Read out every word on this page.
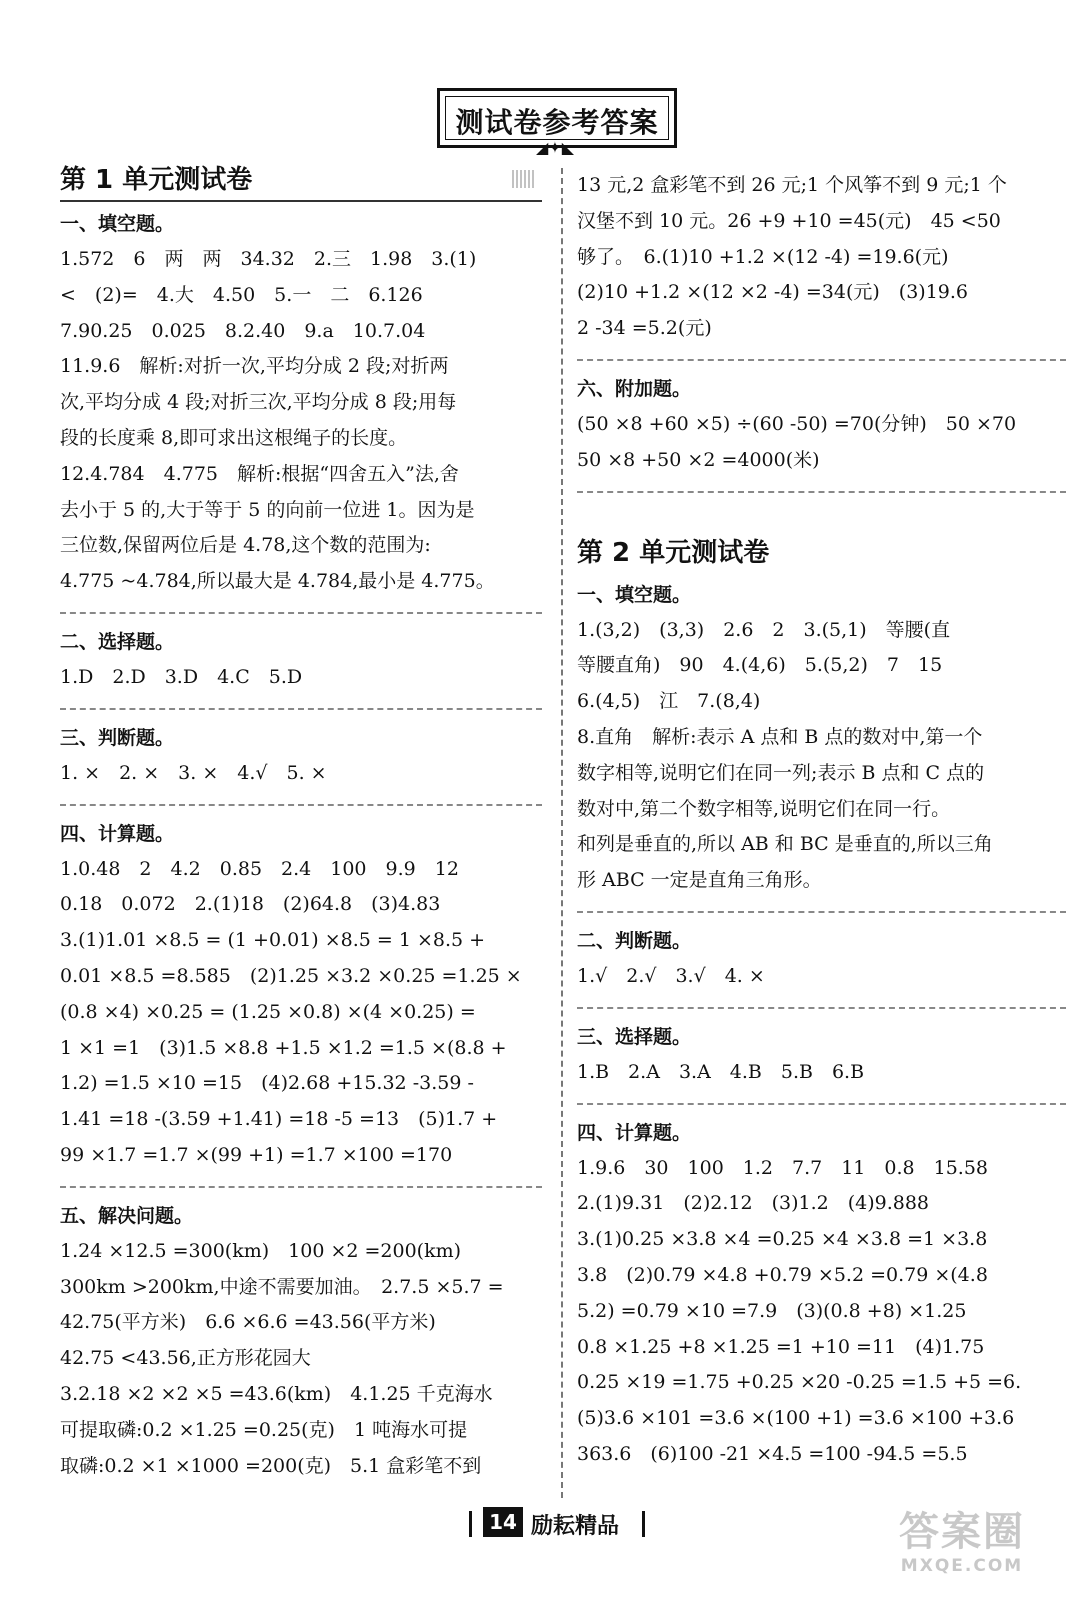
测试卷参考答案
◢✦◣
第 1 单元测试卷
一、填空题。
1.572　6　两　两　34.32　2.三　1.98　3.(1)
<　(2)=　4.大　4.50　5.一　二　6.126
7.90.25　0.025　8.2.40　9.a　10.7.04
11.9.6　解析:对折一次,平均分成 2 段;对折两
次,平均分成 4 段;对折三次,平均分成 8 段;用每
段的长度乘 8,即可求出这根绳子的长度。
12.4.784　4.775　解析:根据“四舍五入”法,舍
去小于 5 的,大于等于 5 的向前一位进 1。因为是
三位数,保留两位后是 4.78,这个数的范围为:
4.775 ~4.784,所以最大是 4.784,最小是 4.775。
二、选择题。
1.D　2.D　3.D　4.C　5.D
三、判断题。
1. ×　2. ×　3. ×　4.√　5. ×
四、计算题。
1.0.48　2　4.2　0.85　2.4　100　9.9　12
0.18　0.072　2.(1)18　(2)64.8　(3)4.83
3.(1)1.01 ×8.5 = (1 +0.01) ×8.5 = 1 ×8.5 +
0.01 ×8.5 =8.585　(2)1.25 ×3.2 ×0.25 =1.25 ×
(0.8 ×4) ×0.25 = (1.25 ×0.8) ×(4 ×0.25) =
1 ×1 =1　(3)1.5 ×8.8 +1.5 ×1.2 =1.5 ×(8.8 +
1.2) =1.5 ×10 =15　(4)2.68 +15.32 -3.59 -
1.41 =18 -(3.59 +1.41) =18 -5 =13　(5)1.7 +
99 ×1.7 =1.7 ×(99 +1) =1.7 ×100 =170
五、解决问题。
1.24 ×12.5 =300(km)　100 ×2 =200(km)
300km >200km,中途不需要加油。　2.7.5 ×5.7 =
42.75(平方米)　6.6 ×6.6 =43.56(平方米)
42.75 <43.56,正方形花园大
3.2.18 ×2 ×2 ×5 =43.6(km)　4.1.25 千克海水
可提取磷:0.2 ×1.25 =0.25(克)　1 吨海水可提
取磷:0.2 ×1 ×1000 =200(克)　5.1 盒彩笔不到
13 元,2 盒彩笔不到 26 元;1 个风筝不到 9 元;1 个
汉堡不到 10 元。26 +9 +10 =45(元)　45 <50
够了。　6.(1)10 +1.2 ×(12 -4) =19.6(元)
(2)10 +1.2 ×(12 ×2 -4) =34(元)　(3)19.6
2 -34 =5.2(元)
六、附加题。
(50 ×8 +60 ×5) ÷(60 -50) =70(分钟)　50 ×70
50 ×8 +50 ×2 =4000(米)
第 2 单元测试卷
一、填空题。
1.(3,2)　(3,3)　2.6　2　3.(5,1)　等腰(直
等腰直角)　90　4.(4,6)　5.(5,2)　7　15
6.(4,5)　江　7.(8,4)
8.直角　解析:表示 A 点和 B 点的数对中,第一个
数字相等,说明它们在同一列;表示 B 点和 C 点的
数对中,第二个数字相等,说明它们在同一行。
和列是垂直的,所以 AB 和 BC 是垂直的,所以三角
形 ABC 一定是直角三角形。
二、判断题。
1.√　2.√　3.√　4. ×
三、选择题。
1.B　2.A　3.A　4.B　5.B　6.B
四、计算题。
1.9.6　30　100　1.2　7.7　11　0.8　15.58
2.(1)9.31　(2)2.12　(3)1.2　(4)9.888
3.(1)0.25 ×3.8 ×4 =0.25 ×4 ×3.8 =1 ×3.8
3.8　(2)0.79 ×4.8 +0.79 ×5.2 =0.79 ×(4.8
5.2) =0.79 ×10 =7.9　(3)(0.8 +8) ×1.25
0.8 ×1.25 +8 ×1.25 =1 +10 =11　(4)1.75
0.25 ×19 =1.75 +0.25 ×20 -0.25 =1.5 +5 =6.
(5)3.6 ×101 =3.6 ×(100 +1) =3.6 ×100 +3.6
363.6　(6)100 -21 ×4.5 =100 -94.5 =5.5
14 励耘精品	答案圈
MXQE.COM
